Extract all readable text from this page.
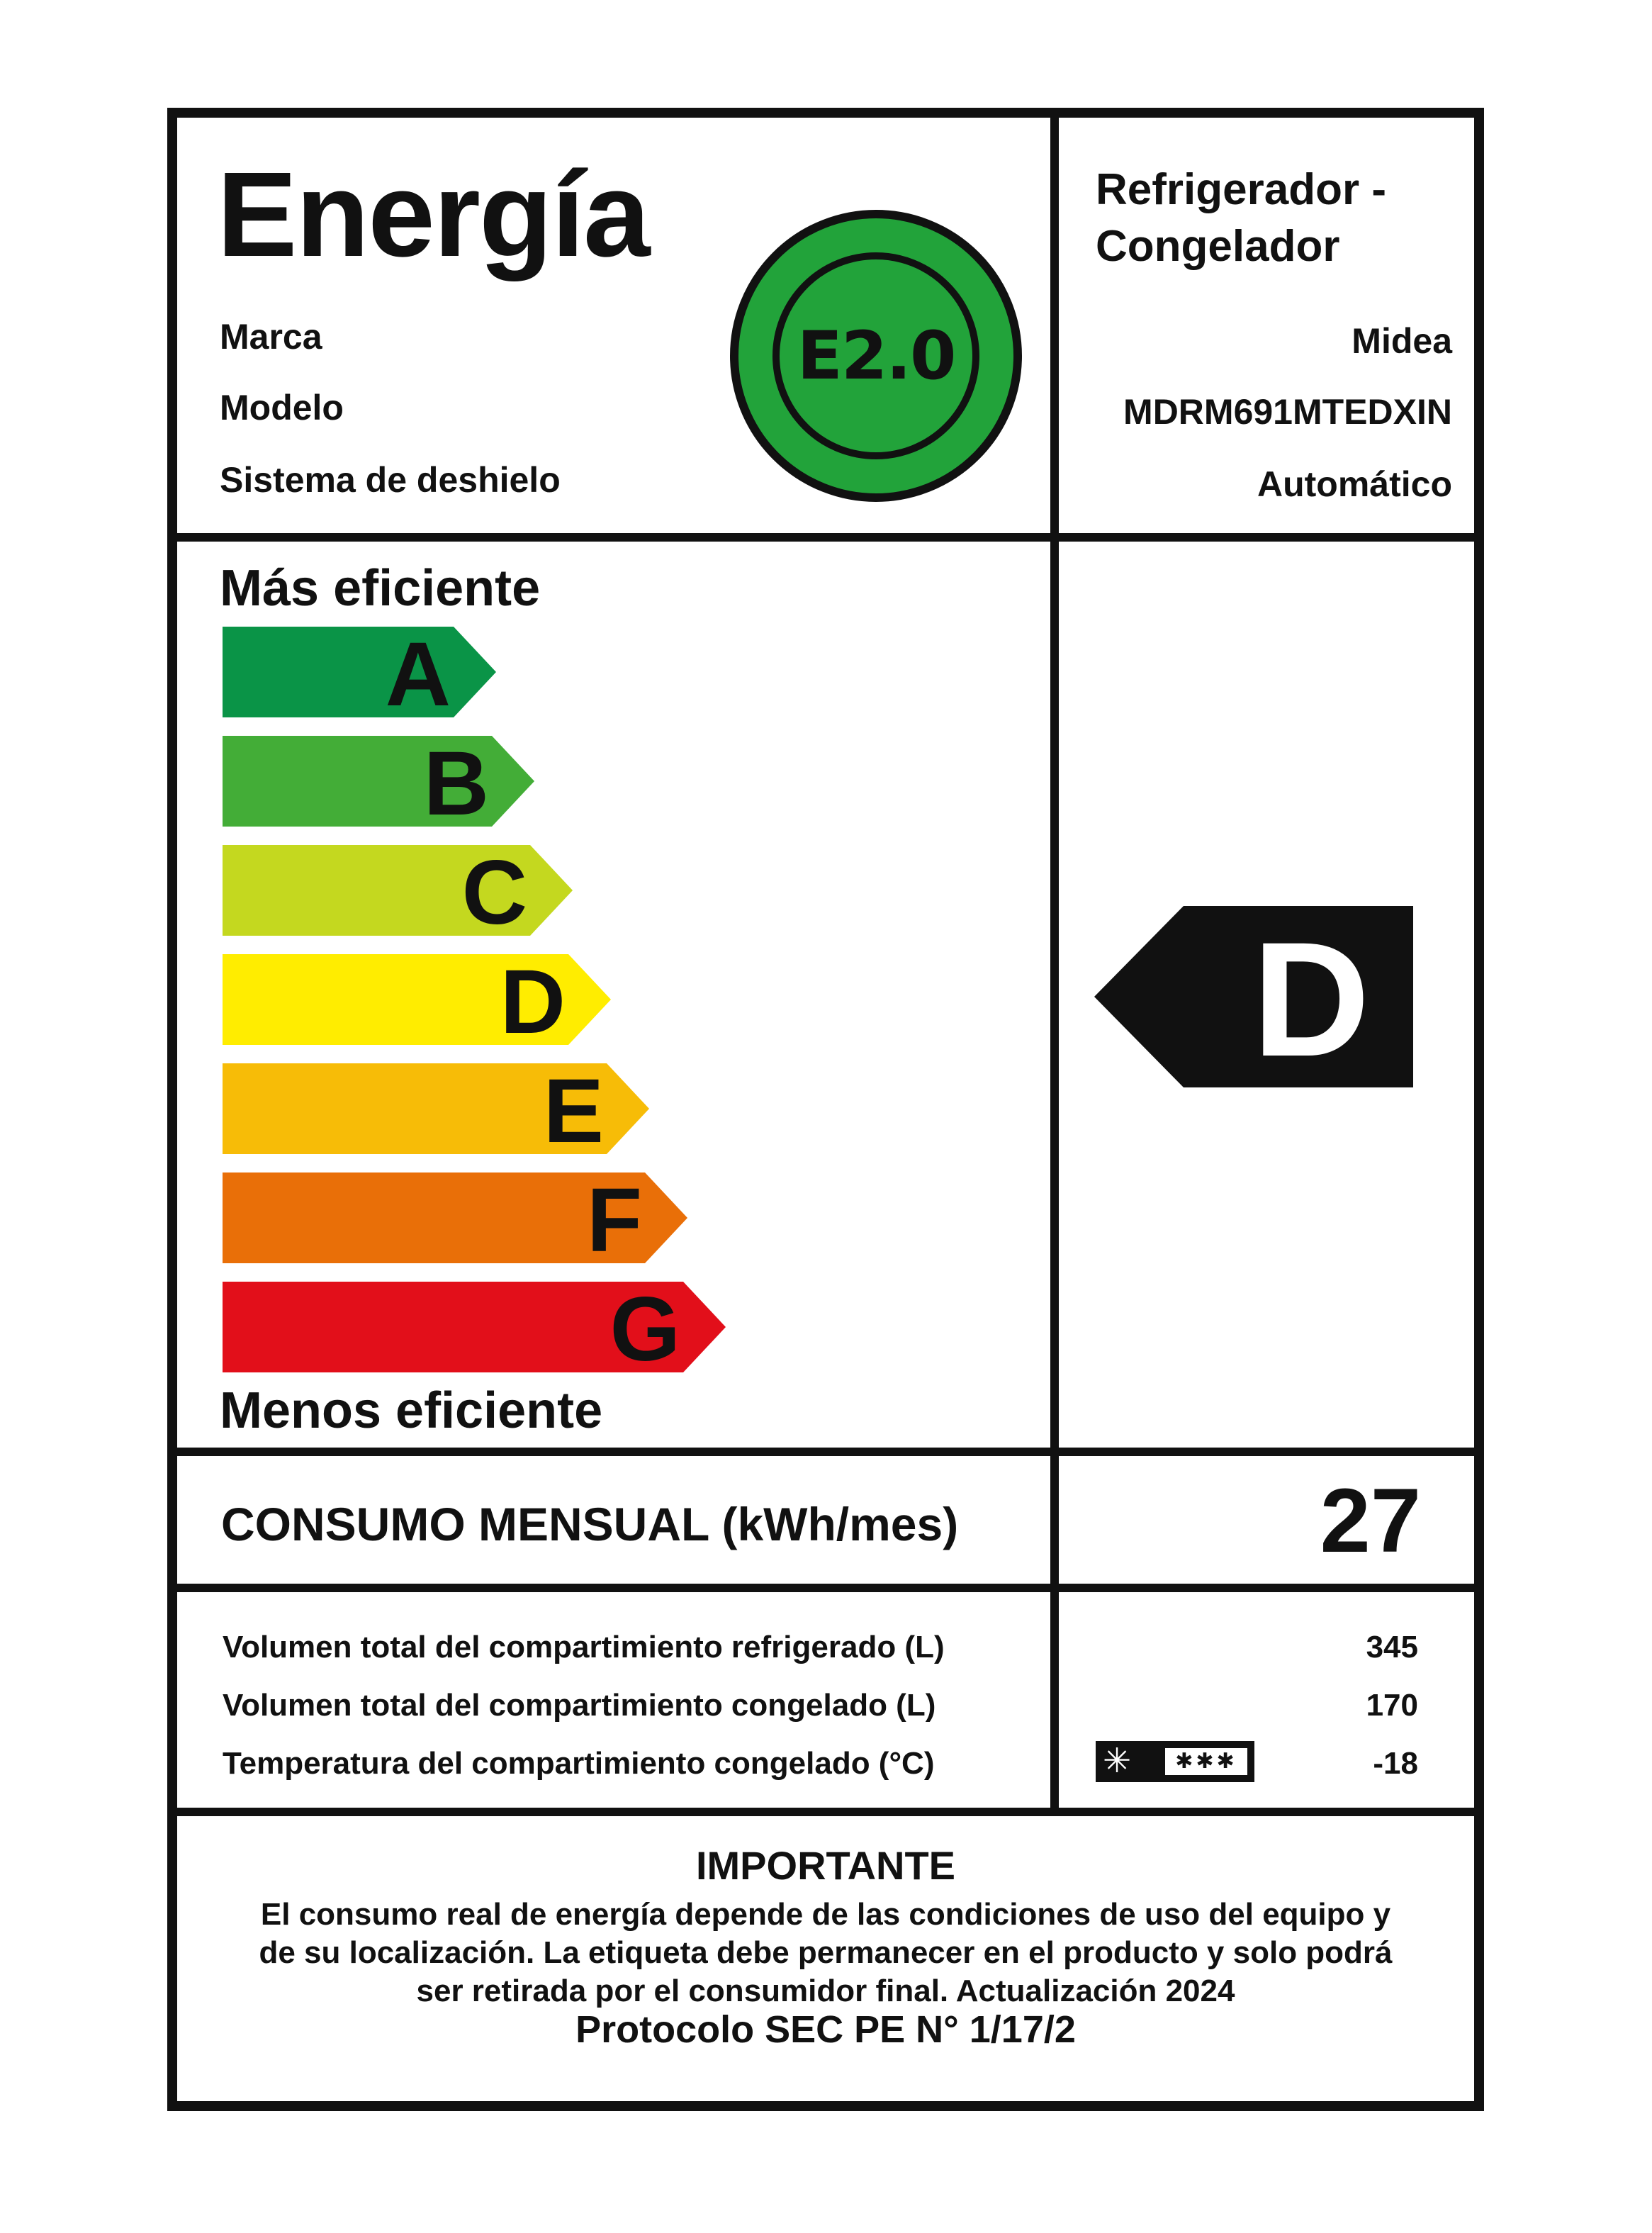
Energía
Marca
Modelo
Sistema de deshielo
E2.0
Refrigerador -
Congelador
Midea
MDRM691MTEDXIN
Automático
Más eficiente
Menos eficiente
A
B
C
D
E
F
G
D
CONSUMO MENSUAL (kWh/mes)	27
Volumen total del compartimiento refrigerado (L)
Volumen total del compartimiento congelado (L)
Temperatura del compartimiento congelado (°C)
345
170
-18
✳	✱✱✱
IMPORTANTE
El consumo real de energía depende de las condiciones de uso del equipo y
de su localización. La etiqueta debe permanecer en el producto y solo podrá
ser retirada por el consumidor final. Actualización 2024
Protocolo SEC PE N° 1/17/2
